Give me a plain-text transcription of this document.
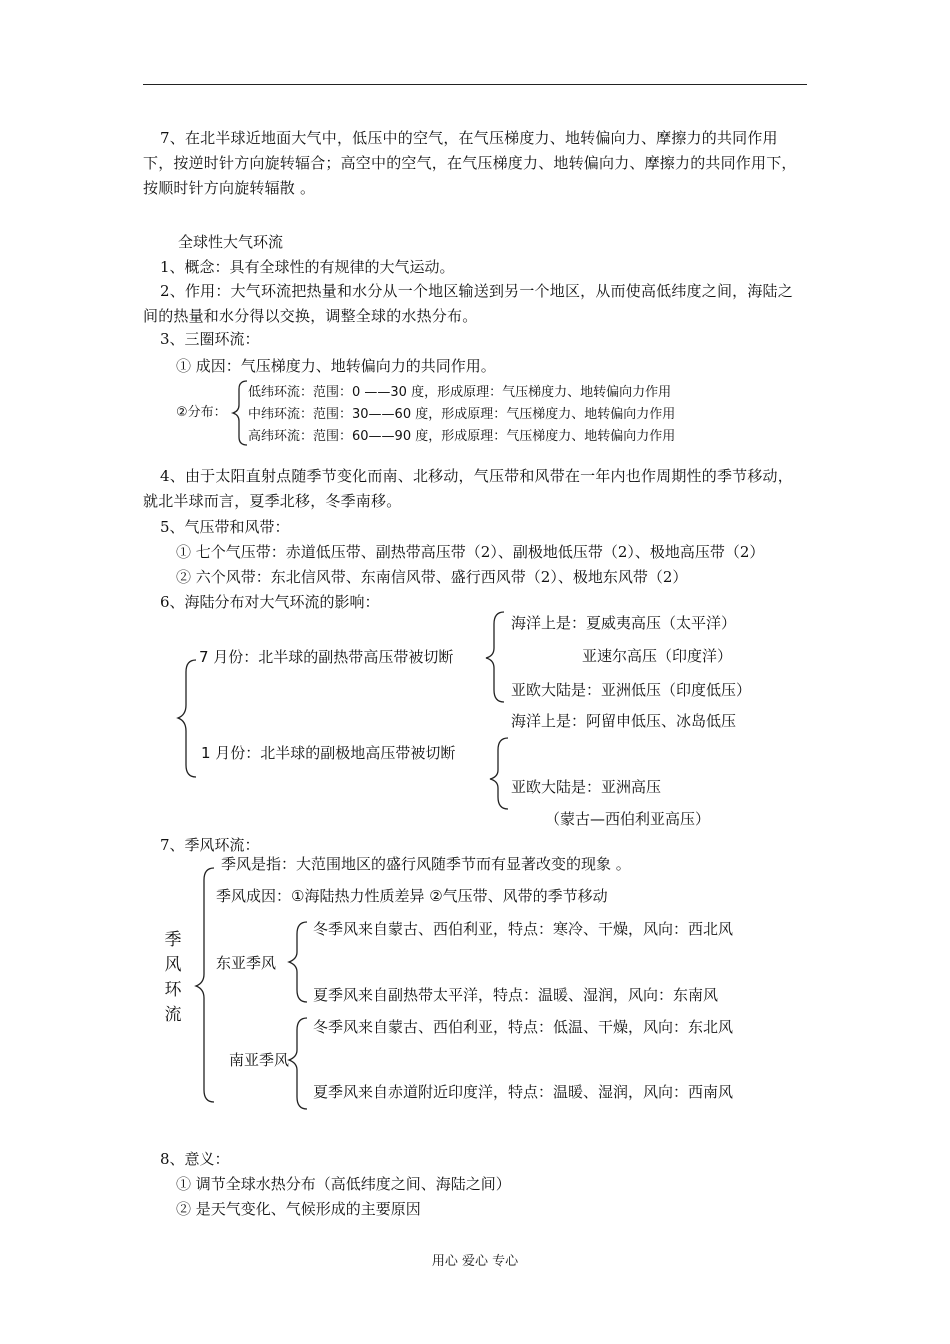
7、在北半球近地面大气中，低压中的空气，在气压梯度力、地转偏向力、摩擦力的共同作用下，按逆时针方向旋转辐合；高空中的空气，在气压梯度力、地转偏向力、摩擦力的共同作用下，按顺时针方向旋转辐散 。
全球性大气环流
1、概念：具有全球性的有规律的大气运动。
2、作用：大气环流把热量和水分从一个地区输送到另一个地区，从而使高低纬度之间，海陆之间的热量和水分得以交换，调整全球的水热分布。
3、三圈环流：
① 成因：气压梯度力、地转偏向力的共同作用。
②分布：
低纬环流：范围：0 ——30 度，形成原理：气压梯度力、地转偏向力作用
中纬环流：范围：30——60 度，形成原理：气压梯度力、地转偏向力作用
高纬环流：范围：60——90 度，形成原理：气压梯度力、地转偏向力作用
4、由于太阳直射点随季节变化而南、北移动，气压带和风带在一年内也作周期性的季节移动，就北半球而言，夏季北移，冬季南移。
5、气压带和风带：
① 七个气压带：赤道低压带、副热带高压带（2）、副极地低压带（2）、极地高压带（2）
② 六个风带：东北信风带、东南信风带、盛行西风带（2）、极地东风带（2）
6、海陆分布对大气环流的影响：
7 月份：北半球的副热带高压带被切断
海洋上是：夏威夷高压（太平洋）
亚速尔高压（印度洋）
亚欧大陆是：亚洲低压（印度低压）
1 月份：北半球的副极地高压带被切断
海洋上是：阿留申低压、冰岛低压
亚欧大陆是：亚洲高压
（蒙古—西伯利亚高压）
7、季风环流：
季风环流
季风是指：大范围地区的盛行风随季节而有显著改变的现象 。
季风成因：①海陆热力性质差异 ②气压带、风带的季节移动
东亚季风
冬季风来自蒙古、西伯利亚，特点：寒冷、干燥，风向：西北风
夏季风来自副热带太平洋，特点：温暖、湿润，风向：东南风
南亚季风
冬季风来自蒙古、西伯利亚，特点：低温、干燥，风向：东北风
夏季风来自赤道附近印度洋，特点：温暖、湿润，风向：西南风
8、意义：
① 调节全球水热分布（高低纬度之间、海陆之间）
② 是天气变化、气候形成的主要原因
用心 爱心 专心
